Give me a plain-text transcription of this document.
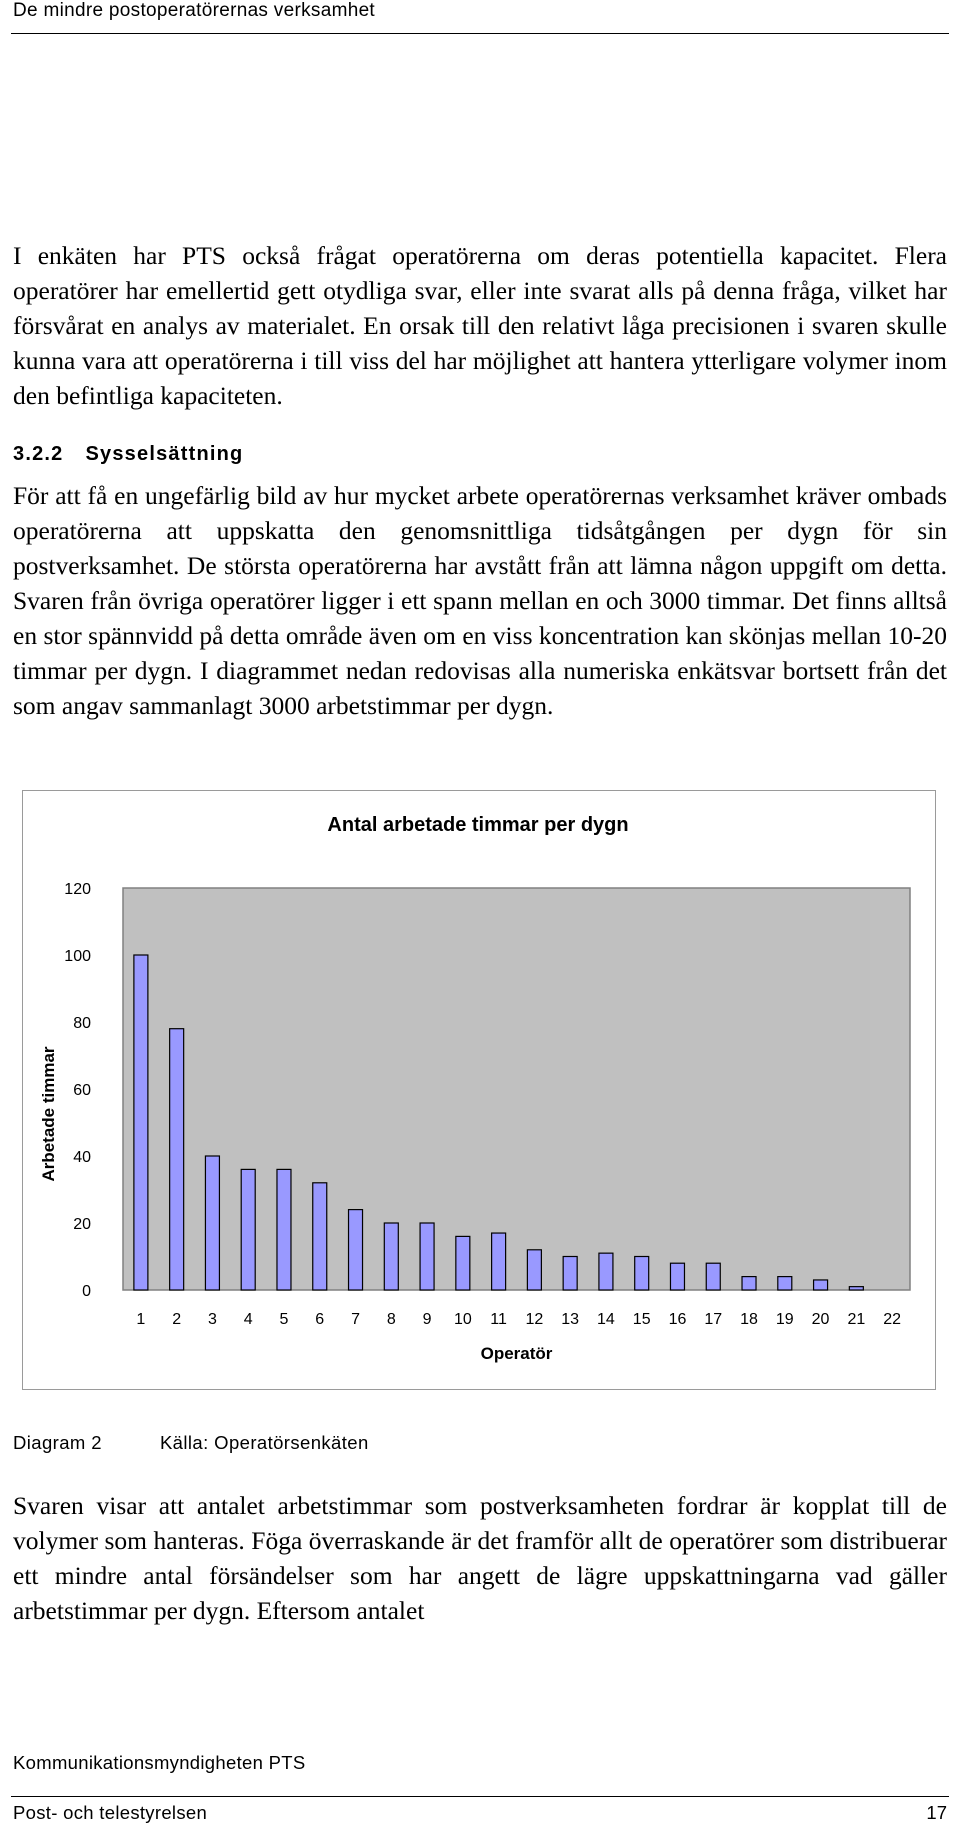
De mindre postoperatörernas verksamhet

I enkäten har PTS också frågat operatörerna om deras potentiella kapacitet. Flera operatörer har emellertid gett otydliga svar, eller inte svarat alls på denna fråga, vilket har försvårat en analys av materialet. En orsak till den relativt låga precisionen i svaren skulle kunna vara att operatörerna i till viss del har möjlighet att hantera ytterligare volymer inom den befintliga kapaciteten.

3.2.2 Sysselsättning

För att få en ungefärlig bild av hur mycket arbete operatörernas verksamhet kräver ombads operatörerna att uppskatta den genomsnittliga tidsåtgången per dygn för sin postverksamhet. De största operatörerna har avstått från att lämna någon uppgift om detta. Svaren från övriga operatörer ligger i ett spann mellan en och 3000 timmar. Det finns alltså en stor spännvidd på detta område även om en viss koncentration kan skönjas mellan 10-20 timmar per dygn. I diagrammet nedan redovisas alla numeriska enkätsvar bortsett från det som angav sammanlagt 3000 arbetstimmar per dygn.

Antal arbetade timmar per dygn
0
20
40
60
80
100
120
1 2 3 4 5 6 7 8 9 10 11 12 13 14 15 16 17 18 19 20 21 22
Operatör
Arbetade timmar
Diagram 2	Källa: Operatörsenkäten

Svaren visar att antalet arbetstimmar som postverksamheten fordrar är kopplat till de volymer som hanteras. Föga överraskande är det framför allt de operatörer som distribuerar ett mindre antal försändelser som har angett de lägre uppskattningarna vad gäller arbetstimmar per dygn. Eftersom antalet

Kommunikationsmyndigheten PTS
Post- och telestyrelsen	17
